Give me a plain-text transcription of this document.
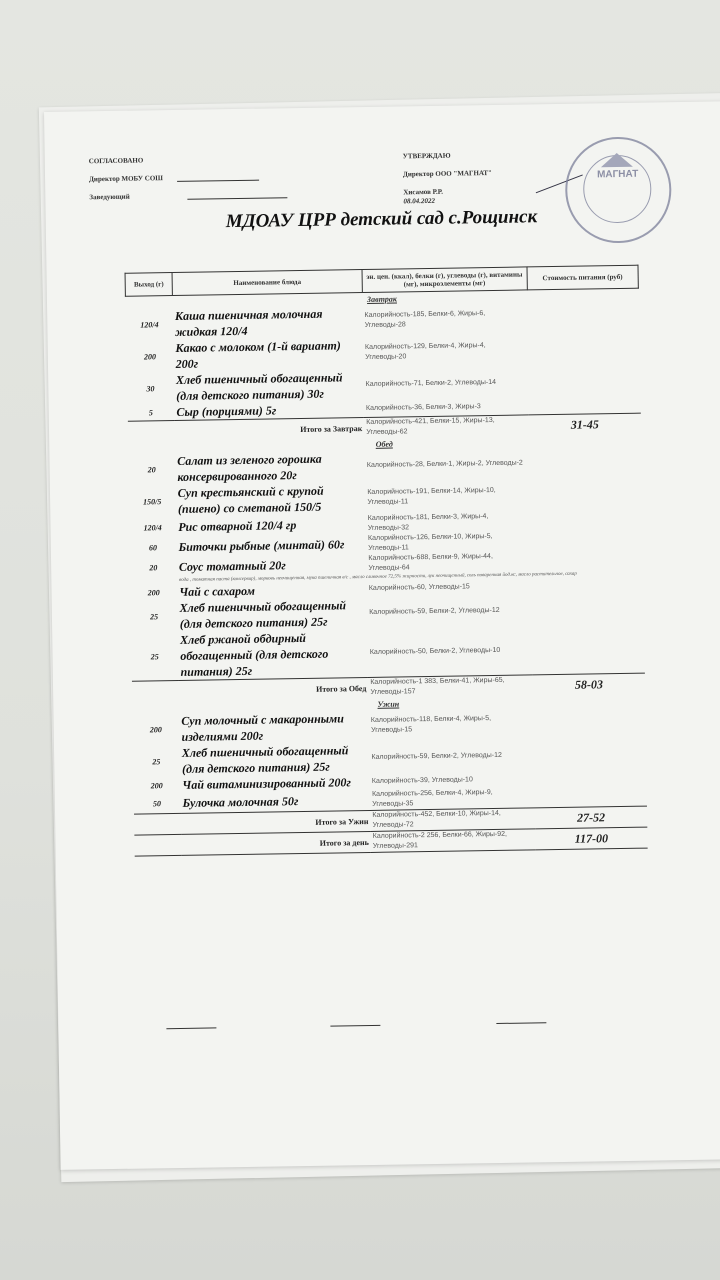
СОГЛАСОВАНО
Директор МОБУ СОШ
Заведующий
УТВЕРЖДАЮ
Директор ООО "МАГНАТ"
Хисамов Р.Р.
08.04.2022
МАГНАТ
МДОАУ ЦРР детский сад с.Рощинск
Выход (г)	Наименование блюда	эн. цен. (ккал), белки (г), углеводы (г), витамины (мг), микроэлементы (мг)	Стоимость питания (руб)
Завтрак			
120/4	Каша пшеничная молочная жидкая 120/4	Калорийность-185, Белки-6, Жиры-6, Углеводы-28	
200	Какао с молоком (1-й вариант) 200г	Калорийность-129, Белки-4, Жиры-4, Углеводы-20	
30	Хлеб пшеничный обогащенный (для детского питания) 30г	Калорийность-71, Белки-2, Углеводы-14	
5	Сыр (порциями) 5г	Калорийность-36, Белки-3, Жиры-3	
Итого за Завтрак		Калорийность-421, Белки-15, Жиры-13, Углеводы-62	31-45
Обед			
20	Салат из зеленого горошка консервированного 20г	Калорийность-28, Белки-1, Жиры-2, Углеводы-2	
150/5	Суп крестьянский с крупой (пшено) со сметаной 150/5	Калорийность-191, Белки-14, Жиры-10, Углеводы-11	
120/4	Рис отварной 120/4 гр	Калорийность-181, Белки-3, Жиры-4, Углеводы-32	
60	Биточки рыбные (минтай) 60г	Калорийность-126, Белки-10, Жиры-5, Углеводы-11	
20	Соус томатный 20г	Калорийность-688, Белки-9, Жиры-44, Углеводы-64	
	вода , томатная паста (консервир), морковь неочищенная, мука пшеничная в/с , масло сливочное 72,5% жирности, лук неочищенный, соль поваренная йод.кс, масло растительное, сахар		
200	Чай с сахаром	Калорийность-60, Углеводы-15	
25	Хлеб пшеничный обогащенный (для детского питания) 25г	Калорийность-59, Белки-2, Углеводы-12	
25	Хлеб ржаной обдирный обогащенный (для детского питания) 25г	Калорийность-50, Белки-2, Углеводы-10	
Итого за Обед		Калорийность-1 383, Белки-41, Жиры-65, Углеводы-157	58-03
Ужин			
200	Суп молочный с макаронными изделиями 200г	Калорийность-118, Белки-4, Жиры-5, Углеводы-15	
25	Хлеб пшеничный обогащенный (для детского питания) 25г	Калорийность-59, Белки-2, Углеводы-12	
200	Чай витаминизированный 200г	Калорийность-39, Углеводы-10	
50	Булочка молочная 50г	Калорийность-256, Белки-4, Жиры-9, Углеводы-35	
Итого за Ужин		Калорийность-452, Белки-10, Жиры-14, Углеводы-72	27-52
Итого за день		Калорийность-2 256, Белки-66, Жиры-92, Углеводы-291	117-00
